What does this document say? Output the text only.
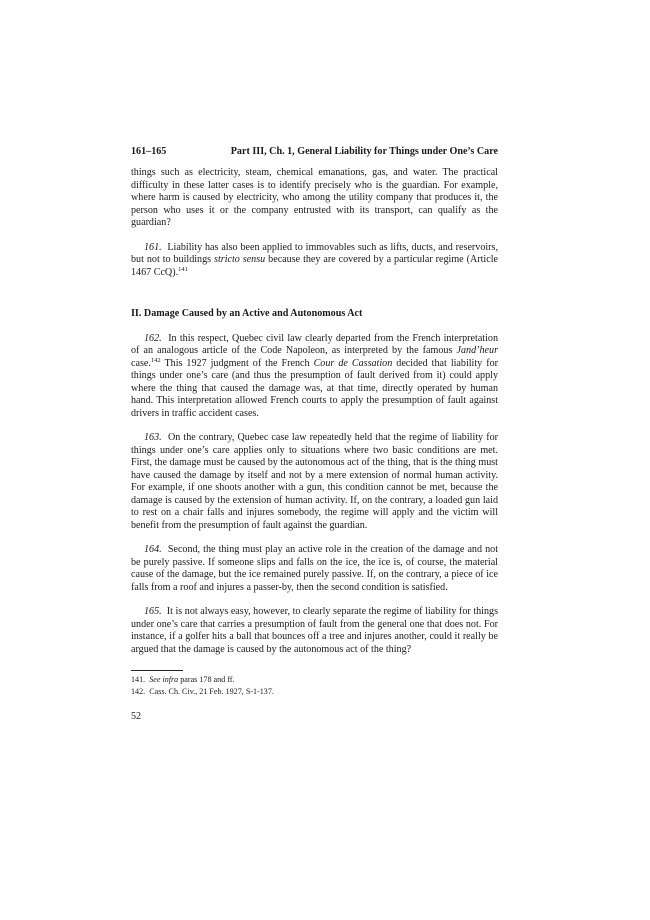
161–165	Part III, Ch. 1, General Liability for Things under One’s Care

things such as electricity, steam, chemical emanations, gas, and water. The practical difficulty in these latter cases is to identify precisely who is the guardian. For example, where harm is caused by electricity, who among the utility company that produces it, the person who uses it or the company entrusted with its transport, can qualify as the guardian?

161. Liability has also been applied to immovables such as lifts, ducts, and reservoirs, but not to buildings stricto sensu because they are covered by a particular regime (Article 1467 CcQ).$^{141}$

II. Damage Caused by an Active and Autonomous Act

162. In this respect, Quebec civil law clearly departed from the French interpretation of an analogous article of the Code Napoleon, as interpreted by the famous Jand’heur case.$^{142}$ This 1927 judgment of the French Cour de Cassation decided that liability for things under one’s care (and thus the presumption of fault derived from it) could apply where the thing that caused the damage was, at that time, directly operated by human hand. This interpretation allowed French courts to apply the presumption of fault against drivers in traffic accident cases.

163. On the contrary, Quebec case law repeatedly held that the regime of liability for things under one’s care applies only to situations where two basic conditions are met. First, the damage must be caused by the autonomous act of the thing, that is the thing must have caused the damage by itself and not by a mere extension of normal human activity. For example, if one shoots another with a gun, this condition cannot be met, because the damage is caused by the extension of human activity. If, on the contrary, a loaded gun laid to rest on a chair falls and injures somebody, the regime will apply and the victim will benefit from the presumption of fault against the guardian.

164. Second, the thing must play an active role in the creation of the damage and not be purely passive. If someone slips and falls on the ice, the ice is, of course, the material cause of the damage, but the ice remained purely passive. If, on the contrary, a piece of ice falls from a roof and injures a passer-by, then the second condition is satisfied.

165. It is not always easy, however, to clearly separate the regime of liability for things under one’s care that carries a presumption of fault from the general one that does not. For instance, if a golfer hits a ball that bounces off a tree and injures another, could it really be argued that the damage is caused by the autonomous act of the thing?

141. See infra paras 178 and ff.
142. Cass. Ch. Civ., 21 Feb. 1927, S-1-137.
52
